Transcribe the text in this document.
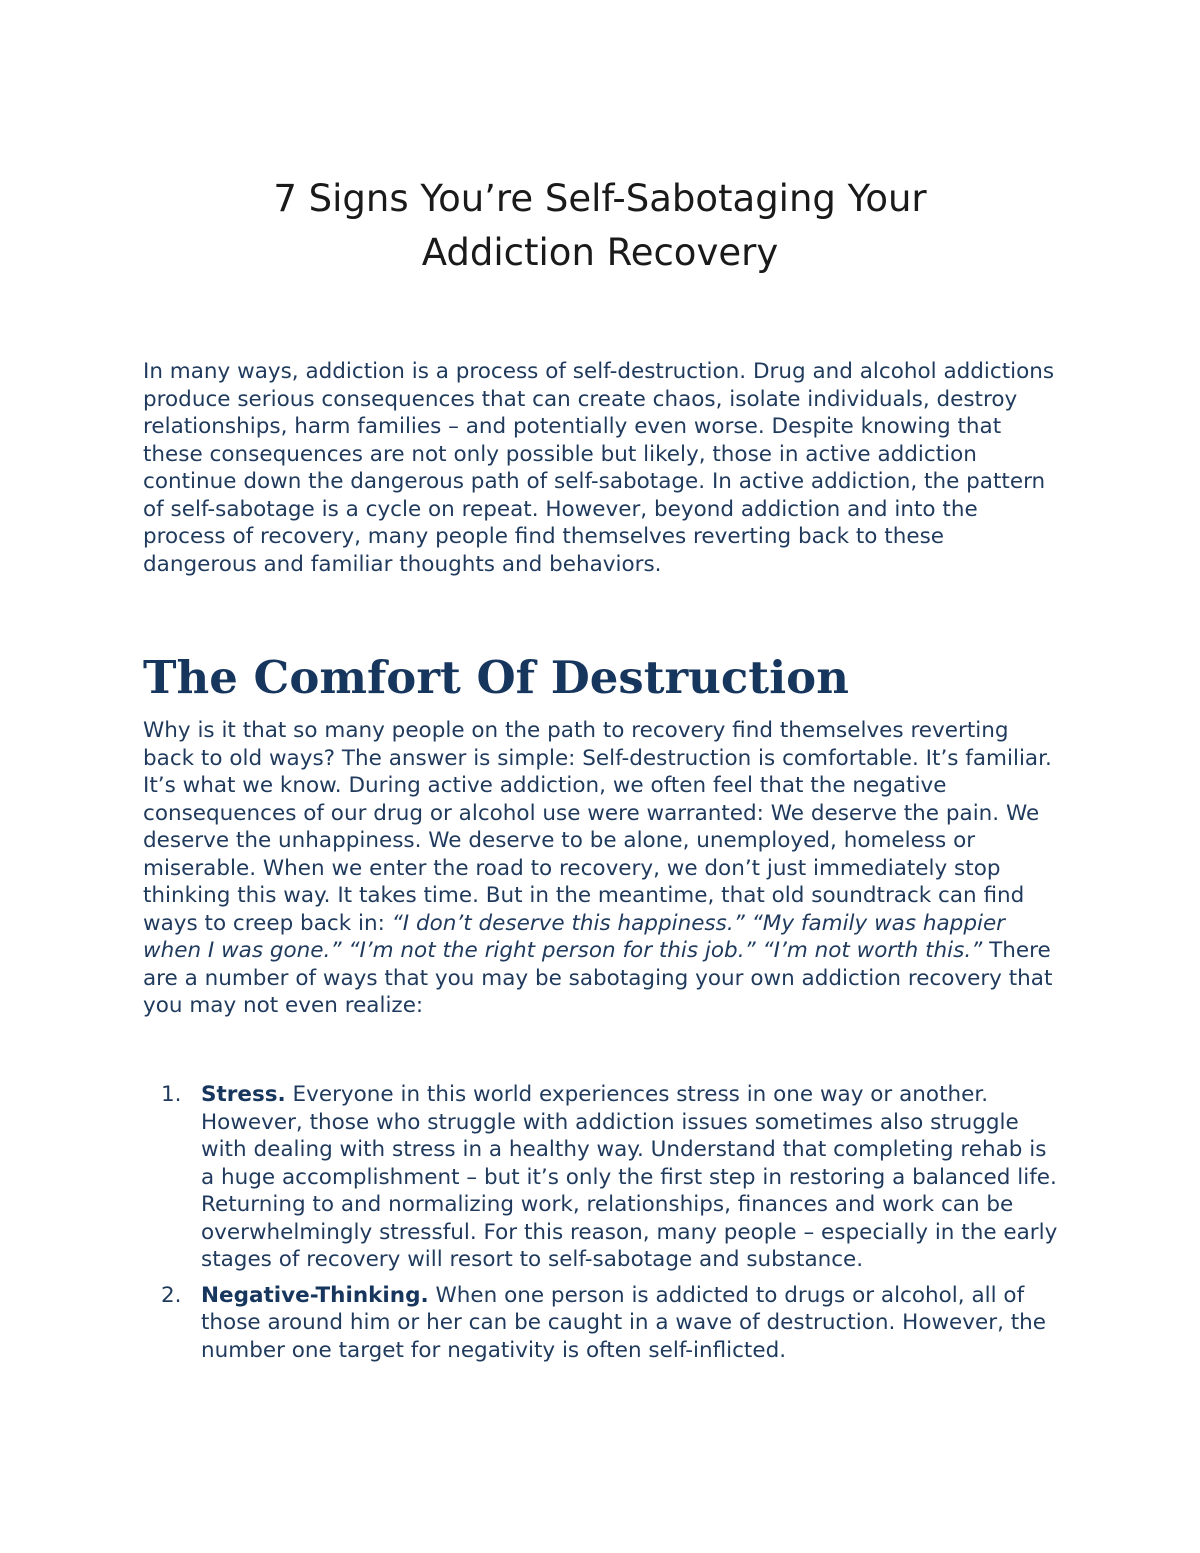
7 Signs You’re Self-Sabotaging Your
Addiction Recovery

In many ways, addiction is a process of self-destruction. Drug and alcohol addictions produce serious consequences that can create chaos, isolate individuals, destroy relationships, harm families – and potentially even worse. Despite knowing that these consequences are not only possible but likely, those in active addiction continue down the dangerous path of self-sabotage. In active addiction, the pattern of self-sabotage is a cycle on repeat. However, beyond addiction and into the process of recovery, many people find themselves reverting back to these dangerous and familiar thoughts and behaviors.

The Comfort Of Destruction

Why is it that so many people on the path to recovery find themselves reverting back to old ways? The answer is simple: Self-destruction is comfortable. It’s familiar. It’s what we know. During active addiction, we often feel that the negative consequences of our drug or alcohol use were warranted: We deserve the pain. We deserve the unhappiness. We deserve to be alone, unemployed, homeless or miserable. When we enter the road to recovery, we don’t just immediately stop thinking this way. It takes time. But in the meantime, that old soundtrack can find ways to creep back in: “I don’t deserve this happiness.” “My family was happier when I was gone.” “I’m not the right person for this job.” “I’m not worth this.” There are a number of ways that you may be sabotaging your own addiction recovery that you may not even realize:

1. Stress. Everyone in this world experiences stress in one way or another. However, those who struggle with addiction issues sometimes also struggle with dealing with stress in a healthy way. Understand that completing rehab is a huge accomplishment – but it’s only the first step in restoring a balanced life. Returning to and normalizing work, relationships, finances and work can be overwhelmingly stressful. For this reason, many people – especially in the early stages of recovery will resort to self-sabotage and substance.
2. Negative-Thinking. When one person is addicted to drugs or alcohol, all of those around him or her can be caught in a wave of destruction. However, the number one target for negativity is often self-inflicted.
